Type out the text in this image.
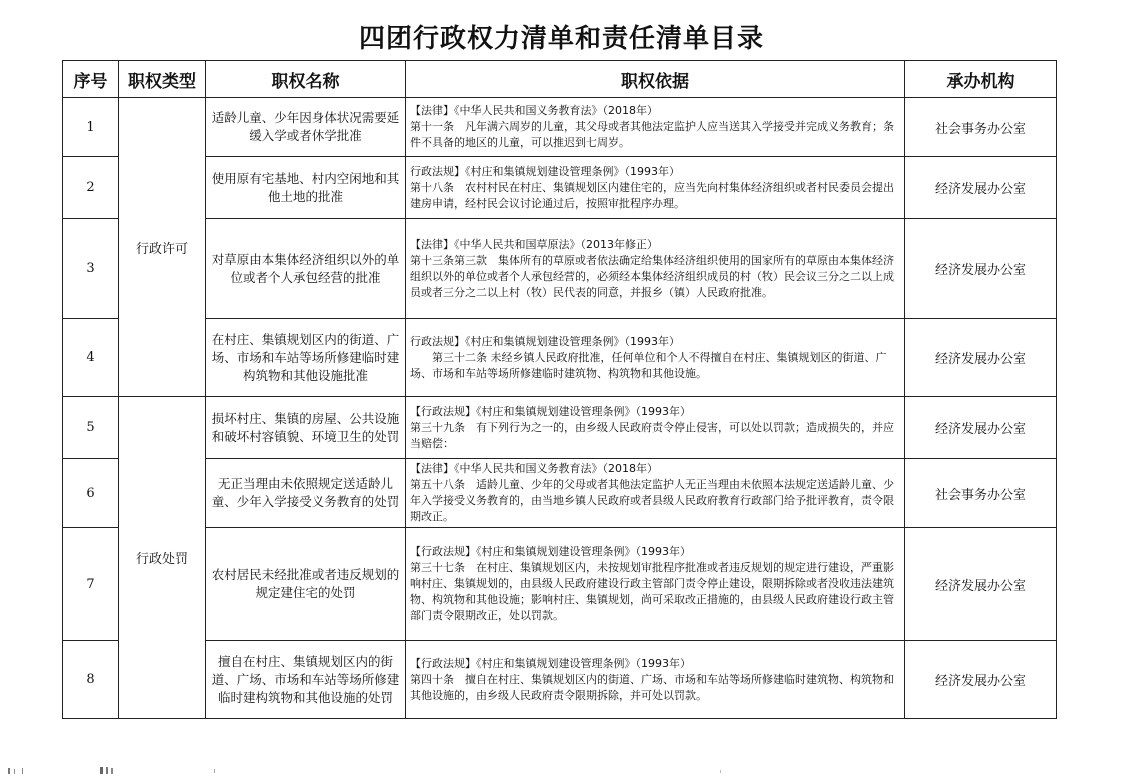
四团行政权力清单和责任清单目录
序号	职权类型	职权名称	职权依据	承办机构
1	行政许可	适龄儿童、少年因身体状况需要延缓入学或者休学批准	【法律】《中华人民共和国义务教育法》（2018年）
第十一条　凡年满六周岁的儿童，其父母或者其他法定监护人应当送其入学接受并完成义务教育；条件不具备的地区的儿童，可以推迟到七周岁。	社会事务办公室
2		使用原有宅基地、村内空闲地和其他土地的批准	行政法规】《村庄和集镇规划建设管理条例》（1993年）
第十八条　农村村民在村庄、集镇规划区内建住宅的，应当先向村集体经济组织或者村民委员会提出建房申请，经村民会议讨论通过后，按照审批程序办理。	经济发展办公室
3		对草原由本集体经济组织以外的单位或者个人承包经营的批准	【法律】《中华人民共和国草原法》（2013年修正）
第十三条第三款　集体所有的草原或者依法确定给集体经济组织使用的国家所有的草原由本集体经济组织以外的单位或者个人承包经营的，必须经本集体经济组织成员的村（牧）民会议三分之二以上成员或者三分之二以上村（牧）民代表的同意，并报乡（镇）人民政府批准。	经济发展办公室
4		在村庄、集镇规划区内的街道、广场、市场和车站等场所修建临时建构筑物和其他设施批准	行政法规】《村庄和集镇规划建设管理条例》（1993年）
　　第三十二条 未经乡镇人民政府批准，任何单位和个人不得擅自在村庄、集镇规划区的街道、广场、市场和车站等场所修建临时建筑物、构筑物和其他设施。	经济发展办公室
5	行政处罚	损坏村庄、集镇的房屋、公共设施和破坏村容镇貌、环境卫生的处罚	【行政法规】《村庄和集镇规划建设管理条例》（1993年）
第三十九条　有下列行为之一的，由乡级人民政府责令停止侵害，可以处以罚款；造成损失的，并应当赔偿：	经济发展办公室
6		无正当理由未依照规定送适龄儿童、少年入学接受义务教育的处罚	【法律】《中华人民共和国义务教育法》（2018年）
第五十八条　适龄儿童、少年的父母或者其他法定监护人无正当理由未依照本法规定送适龄儿童、少年入学接受义务教育的，由当地乡镇人民政府或者县级人民政府教育行政部门给予批评教育，责令限期改正。	社会事务办公室
7		农村居民未经批准或者违反规划的规定建住宅的处罚	【行政法规】《村庄和集镇规划建设管理条例》（1993年）
第三十七条　在村庄、集镇规划区内，未按规划审批程序批准或者违反规划的规定进行建设，严重影响村庄、集镇规划的，由县级人民政府建设行政主管部门责令停止建设，限期拆除或者没收违法建筑物、构筑物和其他设施；影响村庄、集镇规划，尚可采取改正措施的，由县级人民政府建设行政主管部门责令限期改正，处以罚款。	经济发展办公室
8		擅自在村庄、集镇规划区内的街道、广场、市场和车站等场所修建临时建构筑物和其他设施的处罚	【行政法规】《村庄和集镇规划建设管理条例》（1993年）
第四十条　擅自在村庄、集镇规划区内的街道、广场、市场和车站等场所修建临时建筑物、构筑物和其他设施的，由乡级人民政府责令限期拆除，并可处以罚款。	经济发展办公室
